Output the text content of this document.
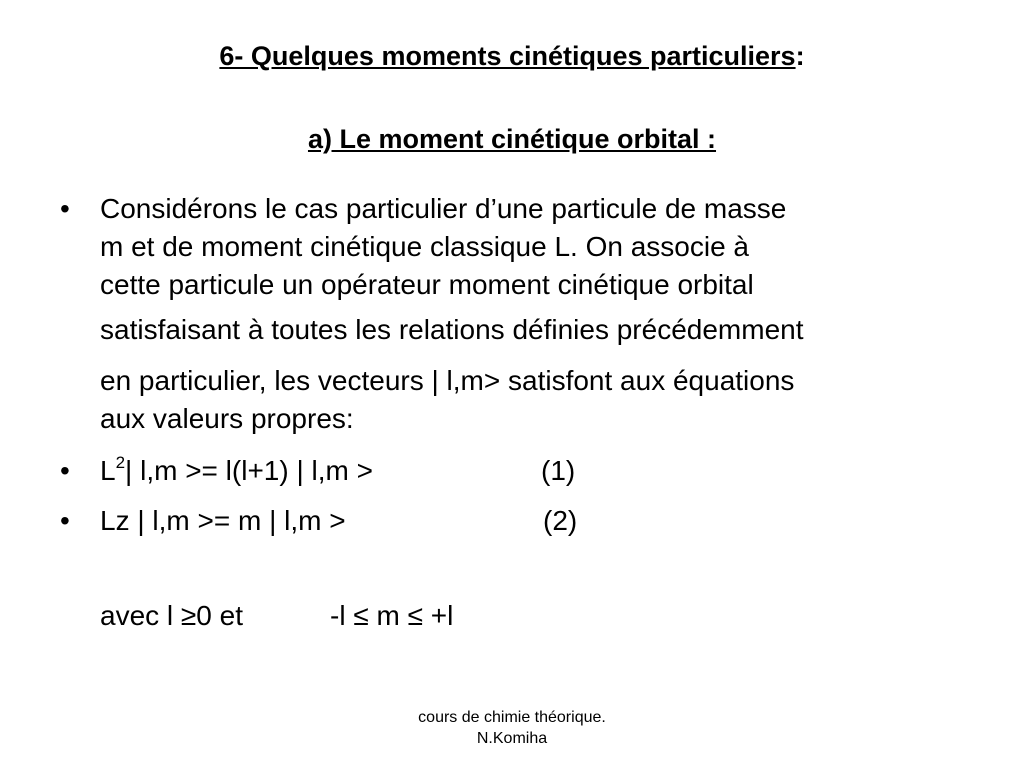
6- Quelques moments cinétiques particuliers:
a) Le moment cinétique orbital :
• Considérons le cas particulier d’une particule de masse
m et de moment cinétique classique L. On associe à
cette particule un opérateur moment cinétique orbital
satisfaisant à toutes les relations définies précédemment
en particulier, les vecteurs | l,m> satisfont aux équations
aux valeurs propres:
• $L^2|$ l,m >= l(l+1) | l,m >	(1)
• Lz | l,m >= m | l,m >	(2)
avec l ≥0 et	-l ≤ m ≤ +l
cours de chimie théorique.
N.Komiha
